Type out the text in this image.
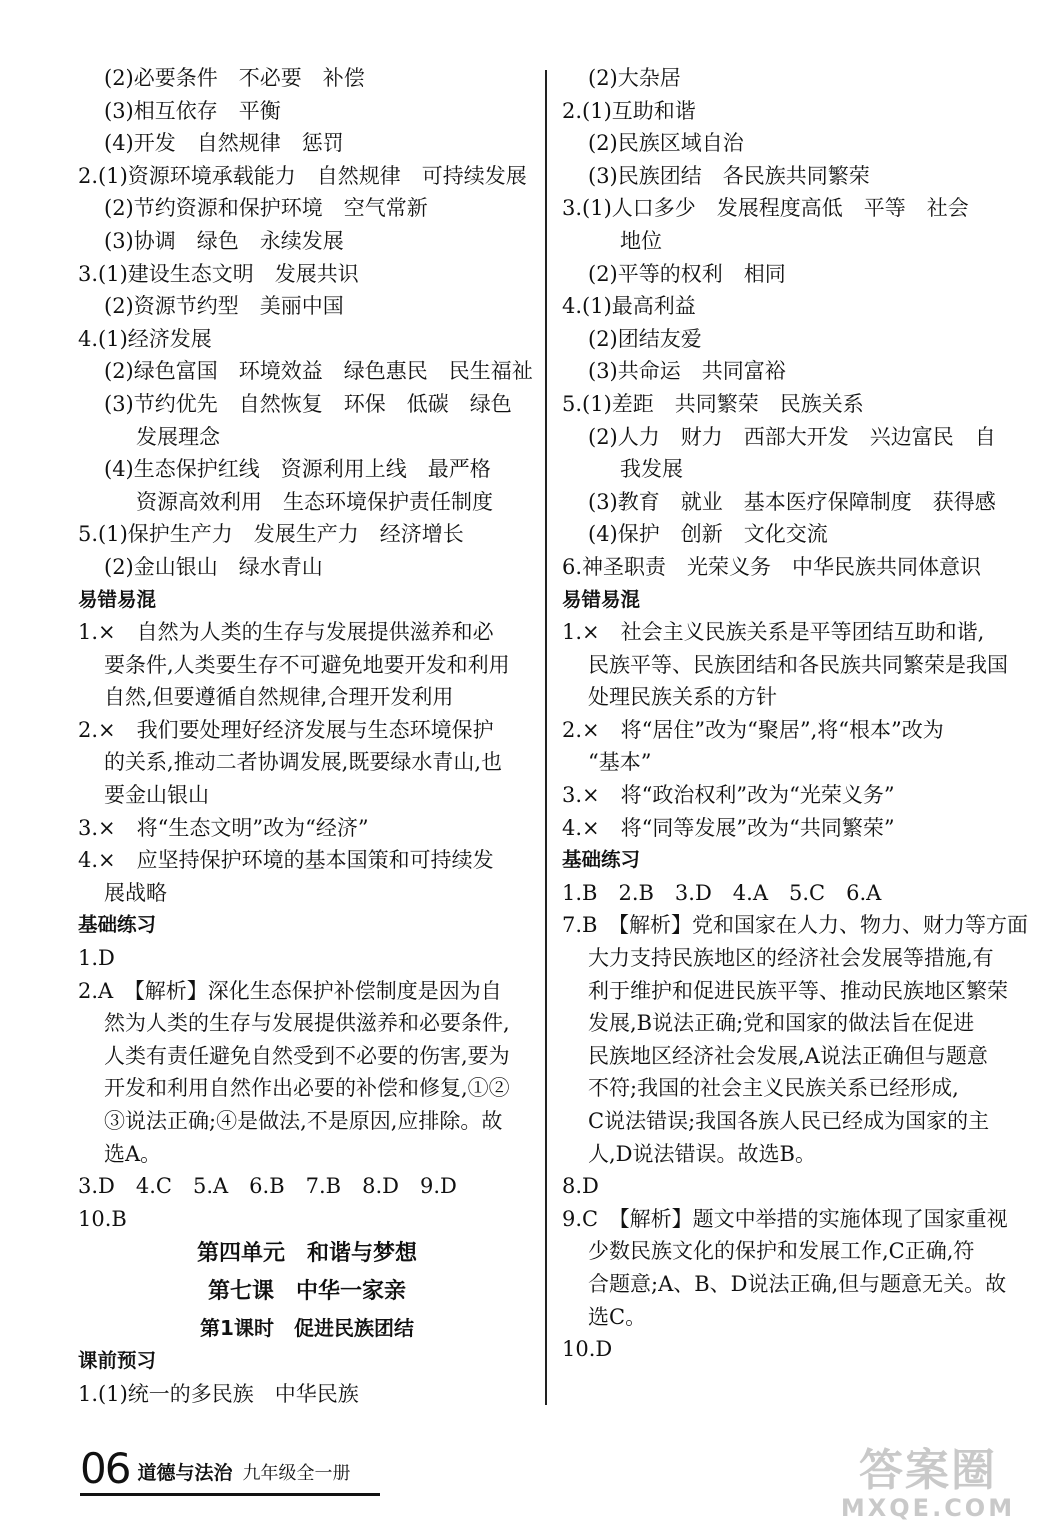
(2)必要条件　不必要　补偿
(3)相互依存　平衡
(4)开发　自然规律　惩罚
2.(1)资源环境承载能力　自然规律　可持续发展
(2)节约资源和保护环境　空气常新
(3)协调　绿色　永续发展
3.(1)建设生态文明　发展共识
(2)资源节约型　美丽中国
4.(1)经济发展
(2)绿色富国　环境效益　绿色惠民　民生福祉
(3)节约优先　自然恢复　环保　低碳　绿色
发展理念
(4)生态保护红线　资源利用上线　最严格
资源高效利用　生态环境保护责任制度
5.(1)保护生产力　发展生产力　经济增长
(2)金山银山　绿水青山
易错易混
1.×　自然为人类的生存与发展提供滋养和必
要条件,人类要生存不可避免地要开发和利用
自然,但要遵循自然规律,合理开发利用
2.×　我们要处理好经济发展与生态环境保护
的关系,推动二者协调发展,既要绿水青山,也
要金山银山
3.×　将“生态文明”改为“经济”
4.×　应坚持保护环境的基本国策和可持续发
展战略
基础练习
1.D
2.A　【解析】深化生态保护补偿制度是因为自
然为人类的生存与发展提供滋养和必要条件,
人类有责任避免自然受到不必要的伤害,要为
开发和利用自然作出必要的补偿和修复,①②
③说法正确;④是做法,不是原因,应排除。故
选A。
3.D　4.C　5.A　6.B　7.B　8.D　9.D
10.B
第四单元　和谐与梦想
第七课　中华一家亲
第1课时　促进民族团结
课前预习
1.(1)统一的多民族　中华民族
(2)大杂居
2.(1)互助和谐
(2)民族区域自治
(3)民族团结　各民族共同繁荣
3.(1)人口多少　发展程度高低　平等　社会
地位
(2)平等的权利　相同
4.(1)最高利益
(2)团结友爱
(3)共命运　共同富裕
5.(1)差距　共同繁荣　民族关系
(2)人力　财力　西部大开发　兴边富民　自
我发展
(3)教育　就业　基本医疗保障制度　获得感
(4)保护　创新　文化交流
6.神圣职责　光荣义务　中华民族共同体意识
易错易混
1.×　社会主义民族关系是平等团结互助和谐,
民族平等、民族团结和各民族共同繁荣是我国
处理民族关系的方针
2.×　将“居住”改为“聚居”,将“根本”改为
“基本”
3.×　将“政治权利”改为“光荣义务”
4.×　将“同等发展”改为“共同繁荣”
基础练习
1.B　2.B　3.D　4.A　5.C　6.A
7.B　【解析】党和国家在人力、物力、财力等方面
大力支持民族地区的经济社会发展等措施,有
利于维护和促进民族平等、推动民族地区繁荣
发展,B说法正确;党和国家的做法旨在促进
民族地区经济社会发展,A说法正确但与题意
不符;我国的社会主义民族关系已经形成,
C说法错误;我国各族人民已经成为国家的主
人,D说法错误。故选B。
8.D
9.C　【解析】题文中举措的实施体现了国家重视
少数民族文化的保护和发展工作,C正确,符
合题意;A、B、D说法正确,但与题意无关。故
选C。
10.D
06 道德与法治 九年级全一册	答案圈
MXQE.COM
